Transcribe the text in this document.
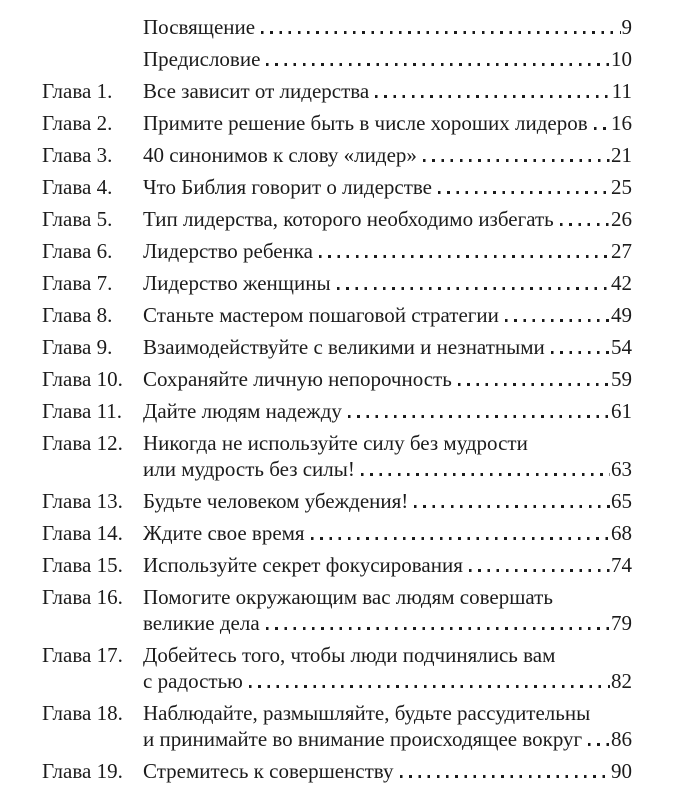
Посвящение	9
Предисловие	10
Глава 1.	Все зависит от лидерства	11
Глава 2.	Примите решение быть в числе хороших лидеров 16
Глава 3.	40 синонимов к слову «лидер»	21
Глава 4.	Что Библия говорит о лидерстве	25
Глава 5.	Тип лидерства, которого необходимо избегать	26
Глава 6.	Лидерство ребенка	27
Глава 7.	Лидерство женщины	42
Глава 8.	Станьте мастером пошаговой стратегии	49
Глава 9.	Взаимодействуйте с великими и незнатными	54
Глава 10. Сохраняйте личную непорочность	59
Глава 11. Дайте людям надежду	61
Глава 12. Никогда не используйте силу без мудрости
или мудрость без силы!	63
Глава 13. Будьте человеком убеждения!	65
Глава 14. Ждите свое время	68
Глава 15. Используйте секрет фокусирования	74
Глава 16. Помогите окружающим вас людям совершать
великие дела	79
Глава 17. Добейтесь того, чтобы люди подчинялись вам
с радостью	82
Глава 18. Наблюдайте, размышляйте, будьте рассудительны
и принимайте во внимание происходящее вокруг 86
Глава 19. Стремитесь к совершенству	90
